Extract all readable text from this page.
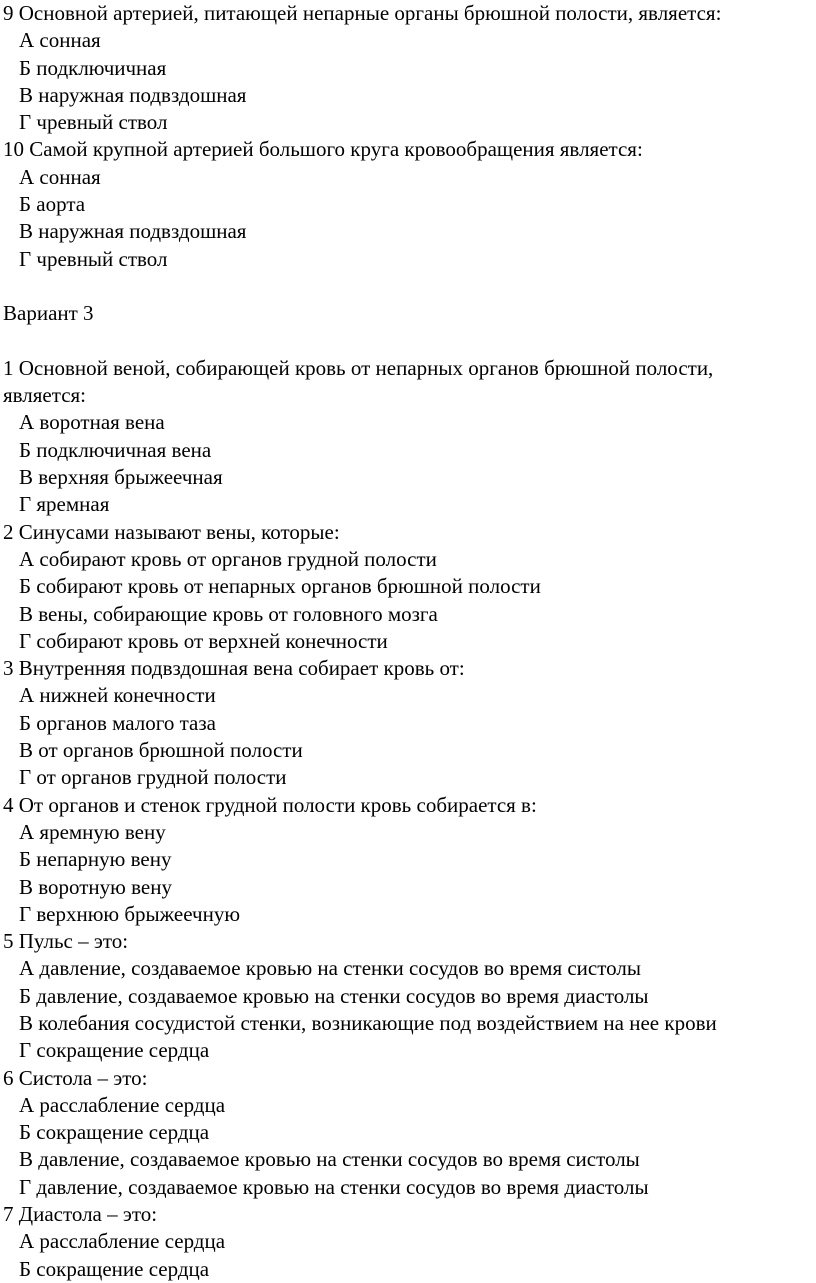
9 Основной артерией, питающей непарные органы брюшной полости, является:

А сонная

Б подключичная

В наружная подвздошная

Г чревный ствол

10 Самой крупной артерией большого круга кровообращения является:

А сонная

Б аорта

В наружная подвздошная

Г чревный ствол

Вариант 3

1 Основной веной, собирающей кровь от непарных органов брюшной полости,

является:

А воротная вена

Б подключичная вена

В верхняя брыжеечная

Г яремная

2 Синусами называют вены, которые:

А собирают кровь от органов грудной полости

Б собирают кровь от непарных органов брюшной полости

В вены, собирающие кровь от головного мозга

Г собирают кровь от верхней конечности

3 Внутренняя подвздошная вена собирает кровь от:

А нижней конечности

Б органов малого таза

В от органов брюшной полости

Г от органов грудной полости

4 От органов и стенок грудной полости кровь собирается в:

А яремную вену

Б непарную вену

В воротную вену

Г верхнюю брыжеечную

5 Пульс – это:

А давление, создаваемое кровью на стенки сосудов во время систолы

Б давление, создаваемое кровью на стенки сосудов во время диастолы

В колебания сосудистой стенки, возникающие под воздействием на нее крови

Г сокращение сердца

6 Систола – это:

А расслабление сердца

Б сокращение сердца

В давление, создаваемое кровью на стенки сосудов во время систолы

Г давление, создаваемое кровью на стенки сосудов во время диастолы

7 Диастола – это:

А расслабление сердца

Б сокращение сердца
